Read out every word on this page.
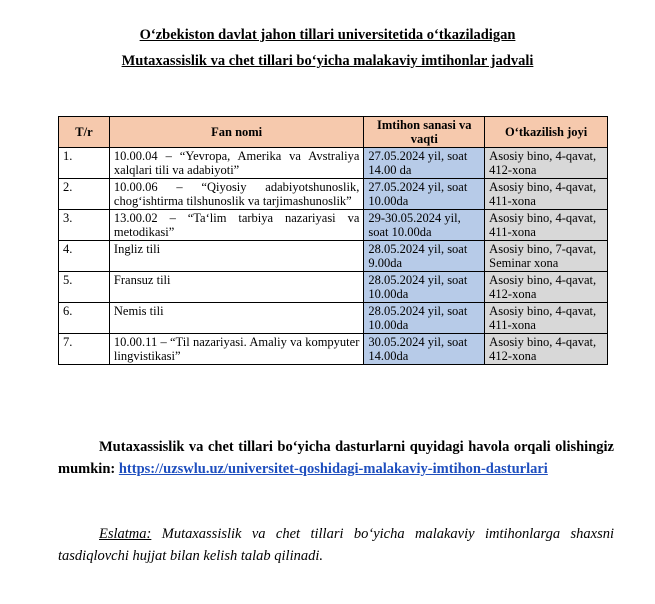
O‘zbekiston davlat jahon tillari universitetida o‘tkaziladigan
Mutaxassislik va chet tillari bo‘yicha malakaviy imtihonlar jadvali
T/r	Fan nomi	Imtihon sanasi va vaqti	O‘tkazilish joyi
1.	10.00.04 – “Yevropa, Amerika va Avstraliya xalqlari tili va adabiyoti”	27.05.2024 yil, soat 14.00 da	Asosiy bino, 4-qavat, 412-xona
2.	10.00.06 – “Qiyosiy adabiyotshunoslik, chog‘ishtirma tilshunoslik va tarjimashunoslik”	27.05.2024 yil, soat 10.00da	Asosiy bino, 4-qavat, 411-xona
3.	13.00.02 – “Ta‘lim tarbiya nazariyasi va metodikasi”	29-30.05.2024 yil, soat 10.00da	Asosiy bino, 4-qavat, 411-xona
4.	Ingliz tili	28.05.2024 yil, soat 9.00da	Asosiy bino, 7-qavat, Seminar xona
5.	Fransuz tili	28.05.2024 yil, soat 10.00da	Asosiy bino, 4-qavat, 412-xona
6.	Nemis tili	28.05.2024 yil, soat 10.00da	Asosiy bino, 4-qavat, 411-xona
7.	10.00.11 – “Til nazariyasi. Amaliy va kompyuter lingvistikasi”	30.05.2024 yil, soat 14.00da	Asosiy bino, 4-qavat, 412-xona
Mutaxassislik va chet tillari bo‘yicha dasturlarni quyidagi havola orqali olishingiz mumkin: https://uzswlu.uz/universitet-qoshidagi-malakaviy-imtihon-dasturlari
Eslatma: Mutaxassislik va chet tillari bo‘yicha malakaviy imtihonlarga shaxsni tasdiqlovchi hujjat bilan kelish talab qilinadi.
